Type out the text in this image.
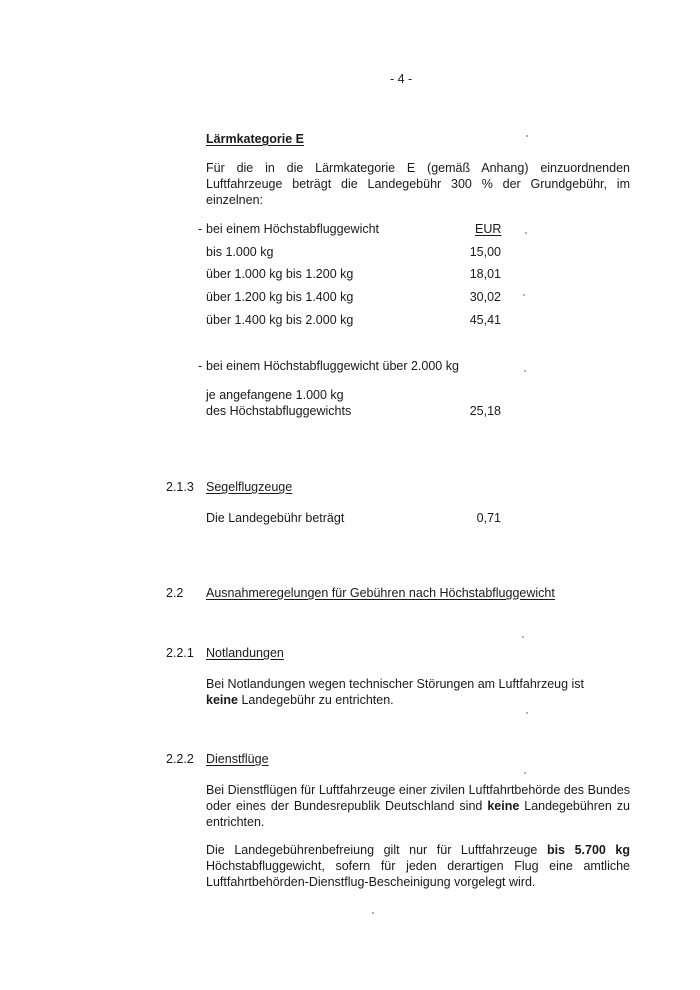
- 4 -
Lärmkategorie E
Für die in die Lärmkategorie E (gemäß Anhang) einzuordnenden Luftfahrzeuge beträgt die Landegebühr 300 % der Grundgebühr, im einzelnen:
- bei einem Höchstabfluggewicht	EUR
bis 1.000 kg	15,00
über 1.000 kg bis 1.200 kg	18,01
über 1.200 kg bis 1.400 kg	30,02
über 1.400 kg bis 2.000 kg	45,41
- bei einem Höchstabfluggewicht über 2.000 kg
je angefangene 1.000 kg
des Höchstabfluggewichts	25,18
2.1.3 Segelflugzeuge
Die Landegebühr beträgt	0,71
2.2 Ausnahmeregelungen für Gebühren nach Höchstabfluggewicht
2.2.1 Notlandungen
Bei Notlandungen wegen technischer Störungen am Luftfahrzeug ist
keine Landegebühr zu entrichten.
2.2.2 Dienstflüge
Bei Dienstflügen für Luftfahrzeuge einer zivilen Luftfahrtbehörde des Bundes oder eines der Bundesrepublik Deutschland sind keine Landegebühren zu entrichten.
Die Landegebührenbefreiung gilt nur für Luftfahrzeuge bis 5.700 kg Höchstabfluggewicht, sofern für jeden derartigen Flug eine amtliche Luftfahrtbehörden-Dienstflug-Bescheinigung vorgelegt wird.
